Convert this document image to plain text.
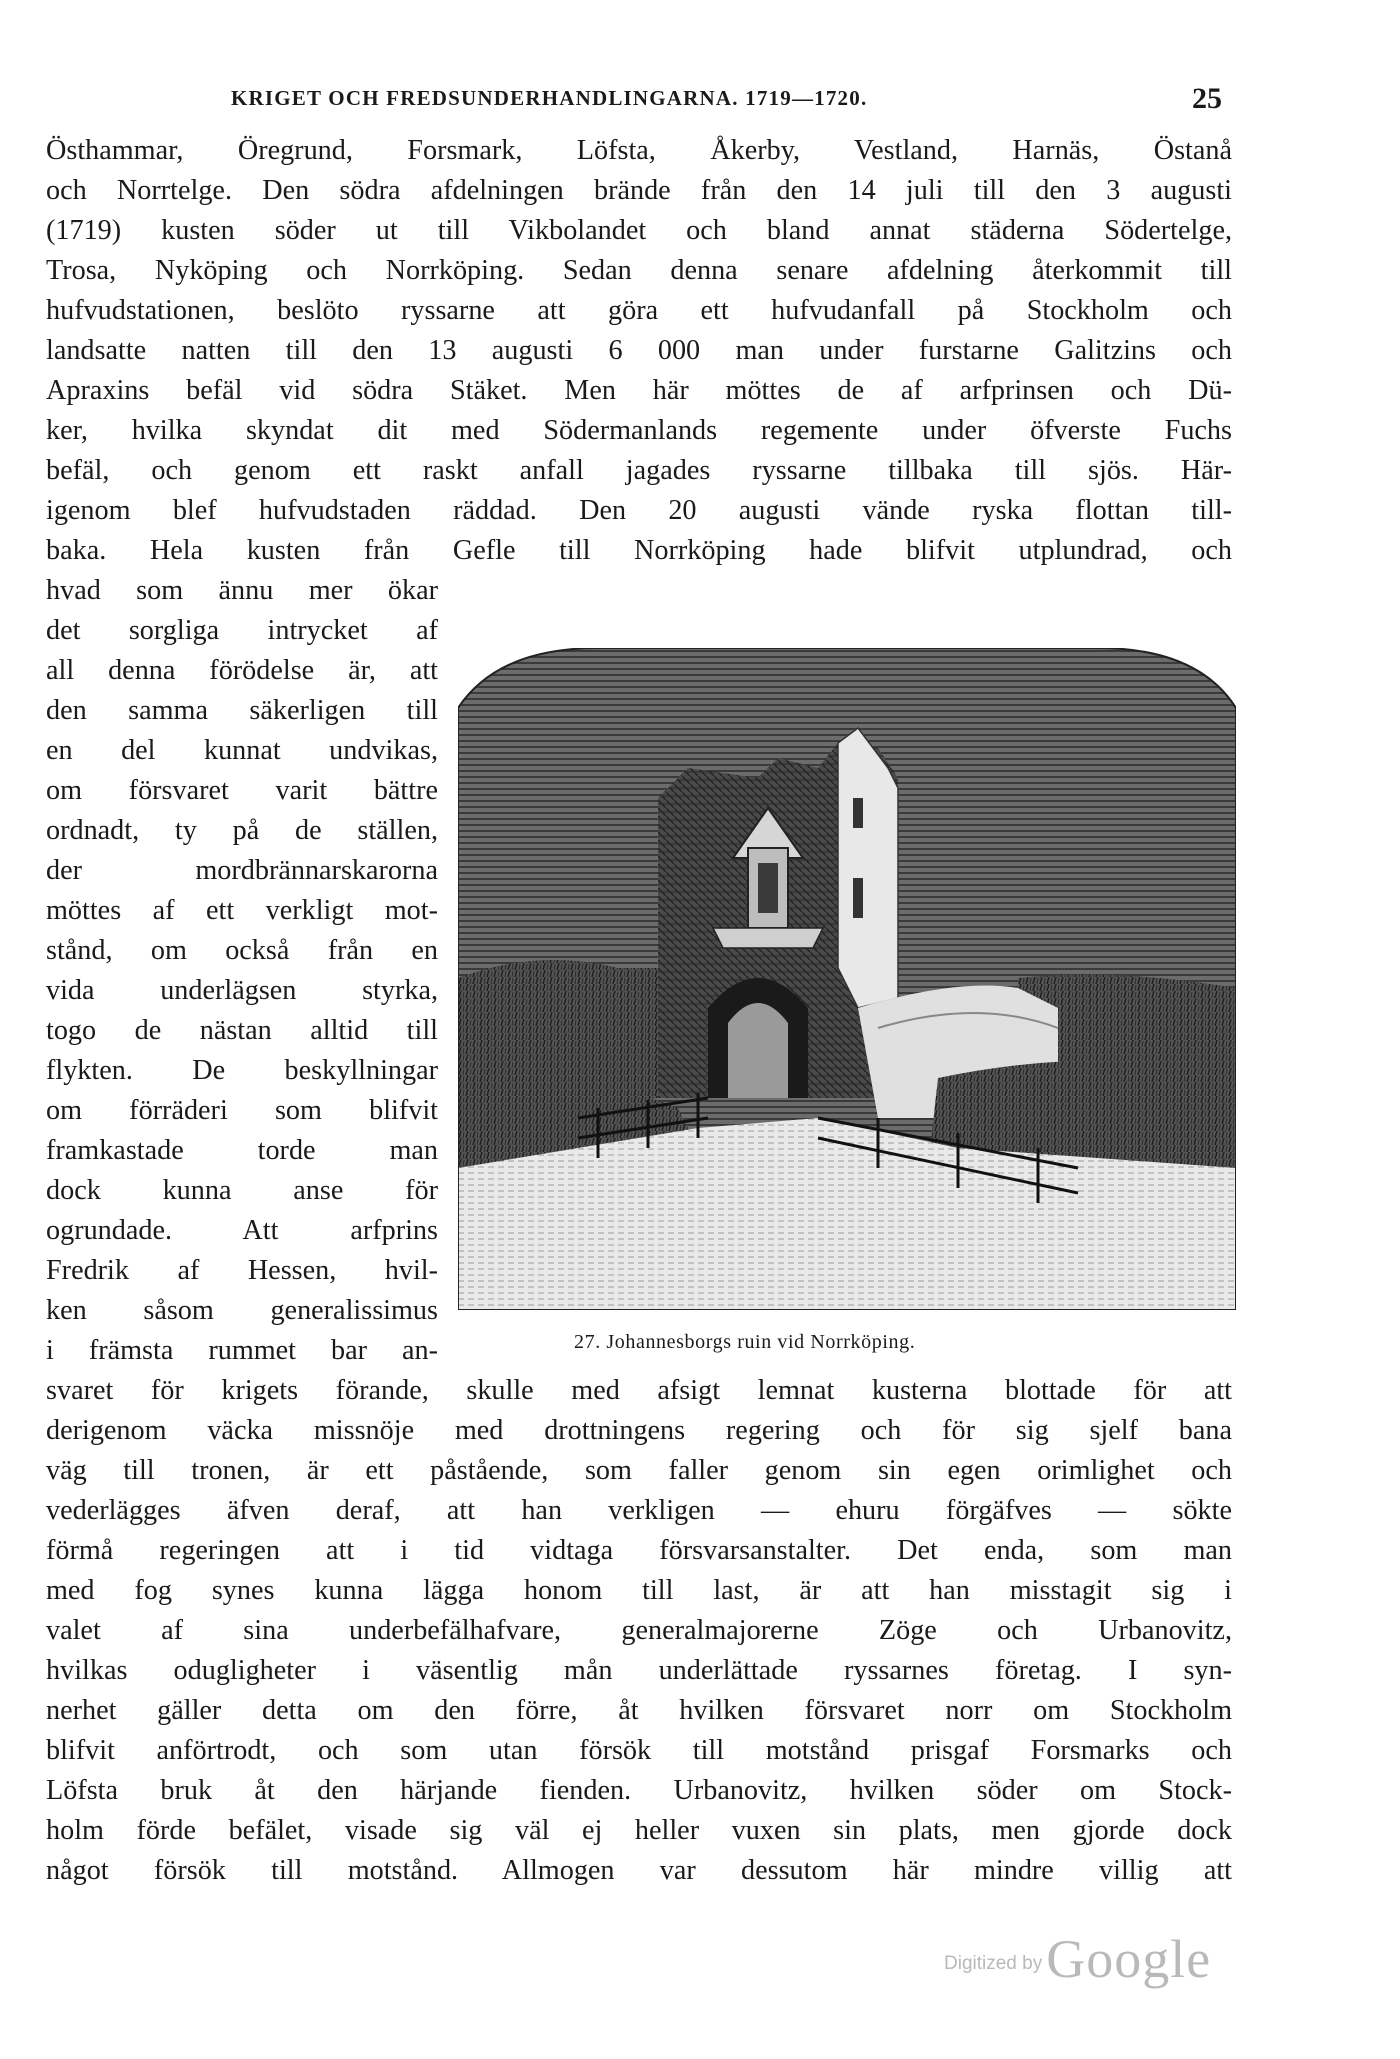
KRIGET OCH FREDSUNDERHANDLINGARNA. 1719—1720.	25
Östhammar, Öregrund, Forsmark, Löfsta, Åkerby, Vestland, Harnäs, Östanå
och Norrtelge. Den södra afdelningen brände från den 14 juli till den 3 augusti
(1719) kusten söder ut till Vikbolandet och bland annat städerna Södertelge,
Trosa, Nyköping och Norrköping. Sedan denna senare afdelning återkommit till
hufvudstationen, beslöto ryssarne att göra ett hufvudanfall på Stockholm och
landsatte natten till den 13 augusti 6 000 man under furstarne Galitzins och
Apraxins befäl vid södra Stäket. Men här möttes de af arfprinsen och Dü-
ker, hvilka skyndat dit med Södermanlands regemente under öfverste Fuchs
befäl, och genom ett raskt anfall jagades ryssarne tillbaka till sjös. Här-
igenom blef hufvudstaden räddad. Den 20 augusti vände ryska flottan till-
baka. Hela kusten från Gefle till Norrköping hade blifvit utplundrad, och
hvad som ännu mer ökar
det sorgliga intrycket af
all denna förödelse är, att
den samma säkerligen till
en del kunnat undvikas,
om försvaret varit bättre
ordnadt, ty på de ställen,
der mordbrännarskarorna
möttes af ett verkligt mot-
stånd, om också från en
vida underlägsen styrka,
togo de nästan alltid till
flykten. De beskyllningar
om förräderi som blifvit
framkastade torde man
dock kunna anse för
ogrundade. Att arfprins
Fredrik af Hessen, hvil-
ken såsom generalissimus
i främsta rummet bar an-	27. Johannesborgs ruin vid Norrköping.
svaret för krigets förande, skulle med afsigt lemnat kusterna blottade för att
derigenom väcka missnöje med drottningens regering och för sig sjelf bana
väg till tronen, är ett påstående, som faller genom sin egen orimlighet och
vederlägges äfven deraf, att han verkligen — ehuru förgäfves — sökte
förmå regeringen att i tid vidtaga försvarsanstalter. Det enda, som man
med fog synes kunna lägga honom till last, är att han misstagit sig i
valet af sina underbefälhafvare, generalmajorerne Zöge och Urbanovitz,
hvilkas odugligheter i väsentlig mån underlättade ryssarnes företag. I syn-
nerhet gäller detta om den förre, åt hvilken försvaret norr om Stockholm
blifvit anförtrodt, och som utan försök till motstånd prisgaf Forsmarks och
Löfsta bruk åt den härjande fienden. Urbanovitz, hvilken söder om Stock-
holm förde befälet, visade sig väl ej heller vuxen sin plats, men gjorde dock
något försök till motstånd. Allmogen var dessutom här mindre villig att
Digitized by Google
